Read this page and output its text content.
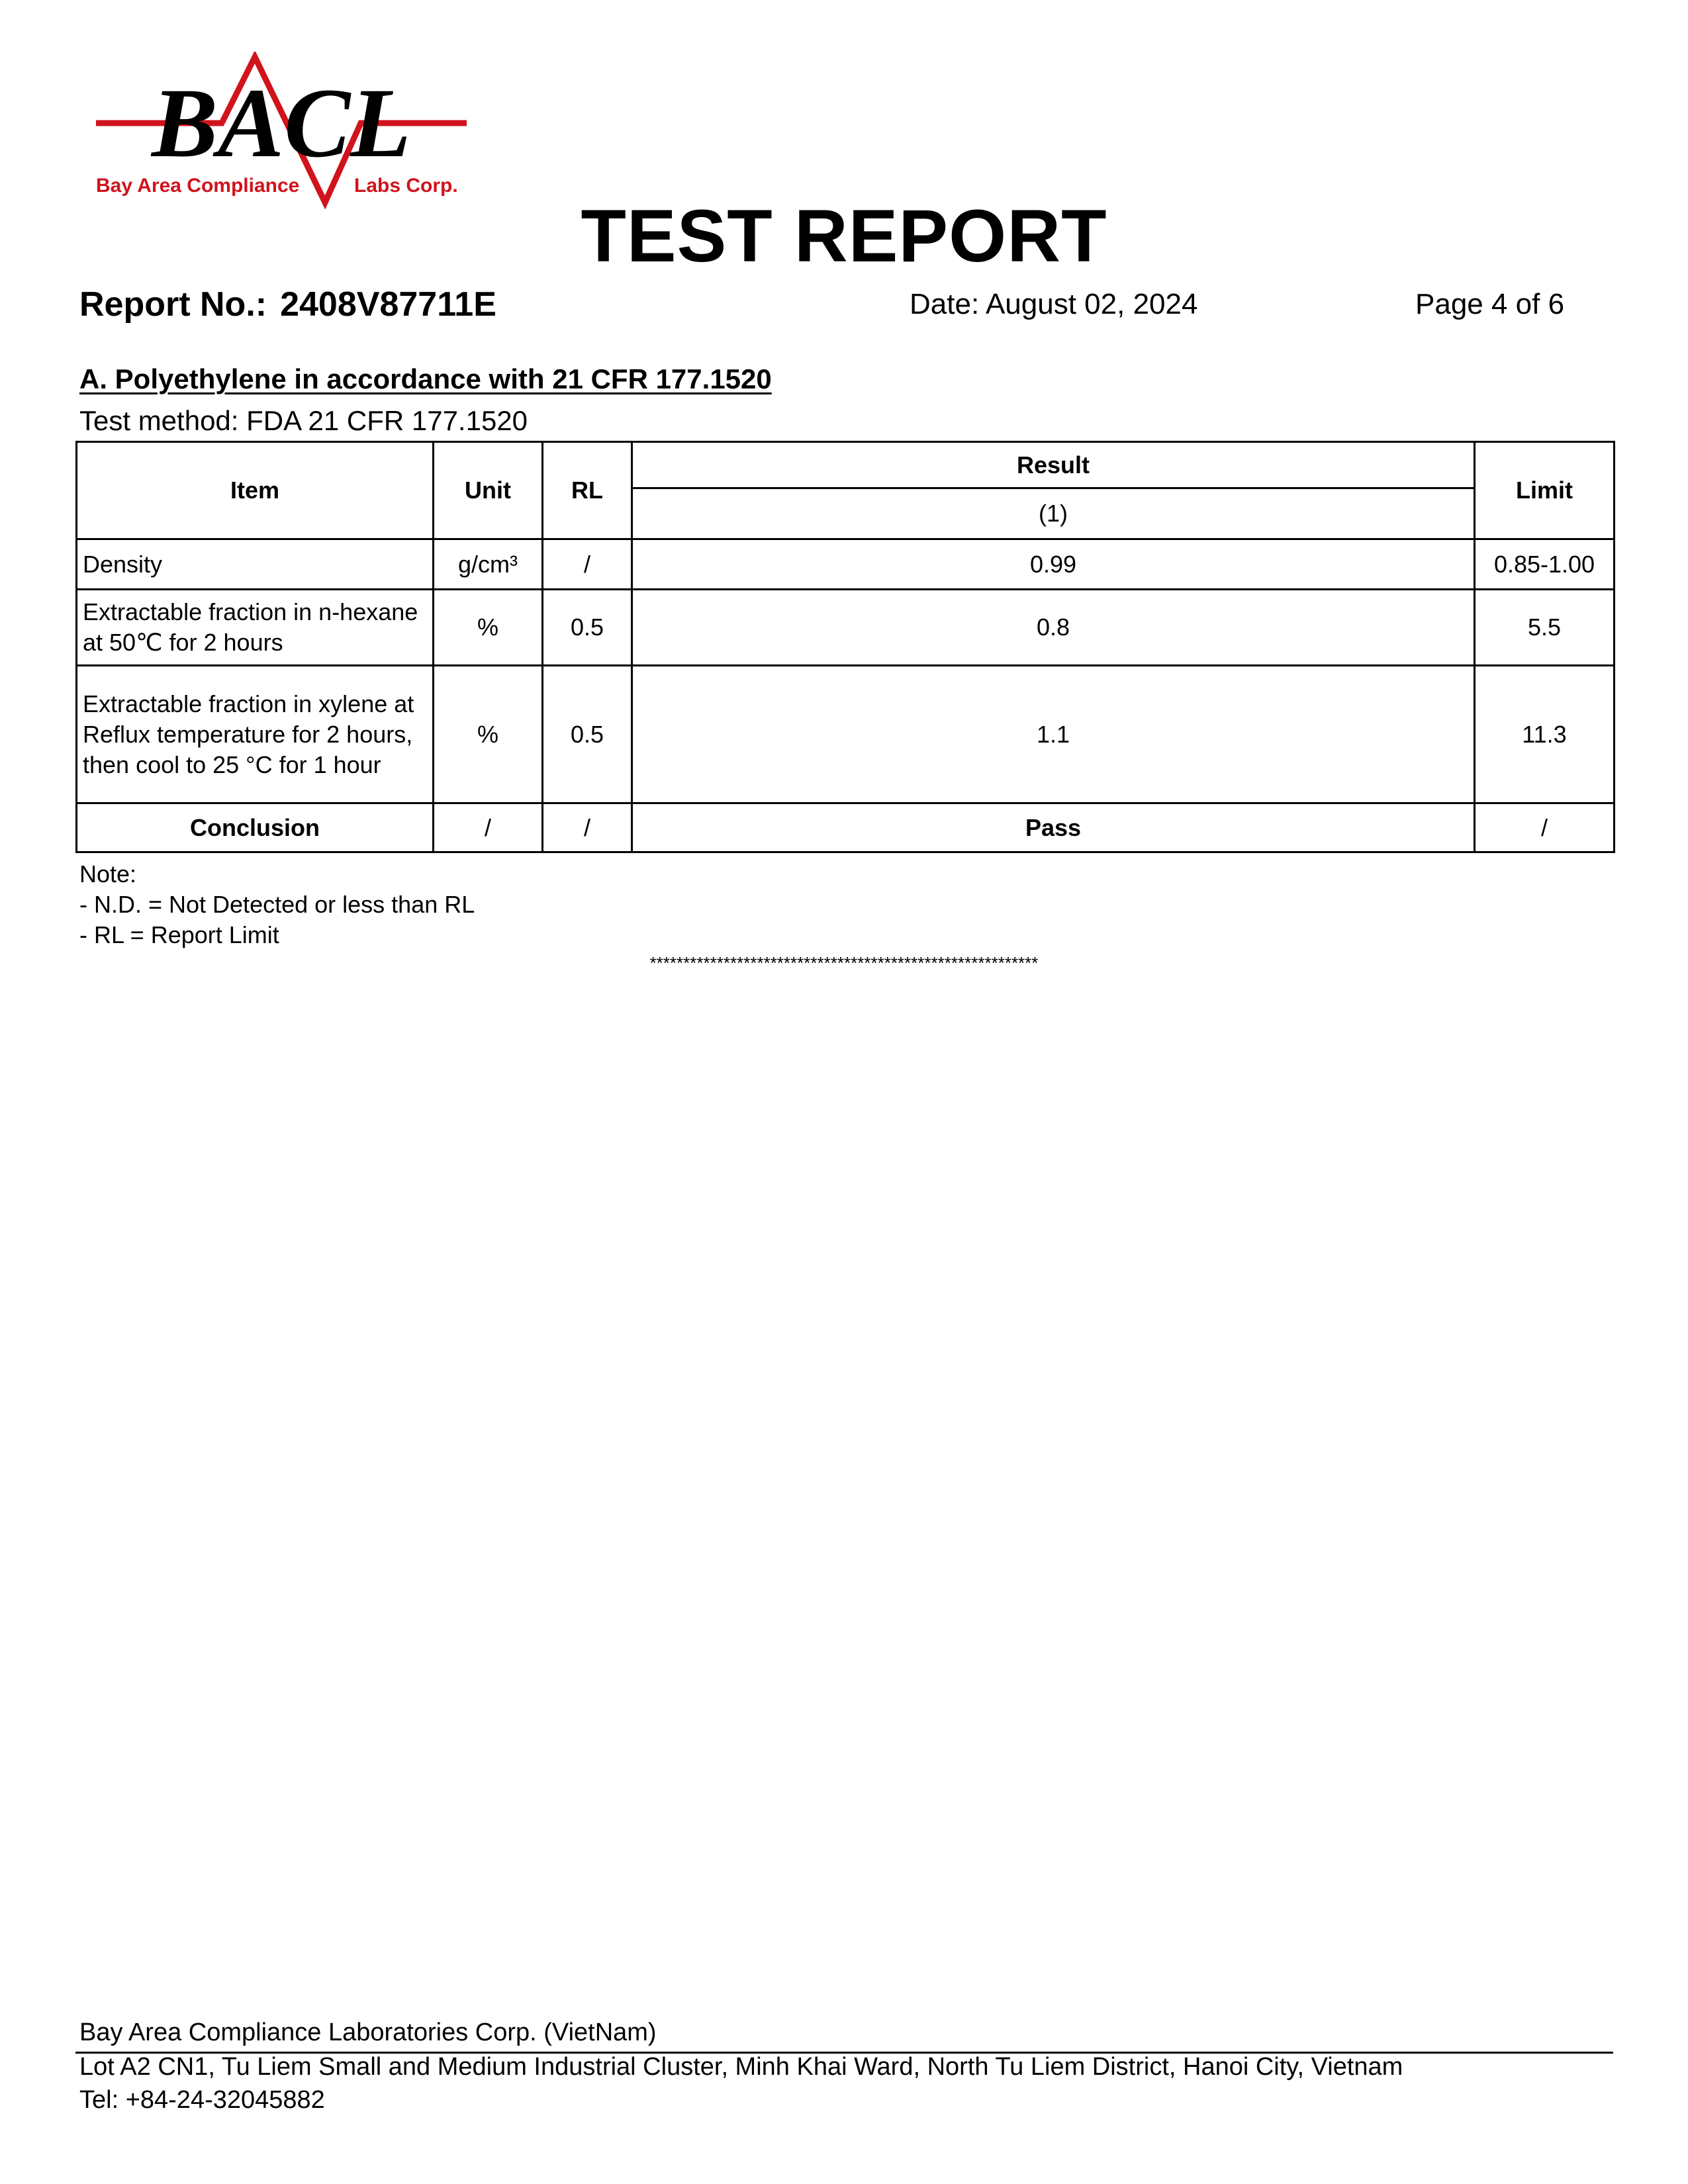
BACL
Bay Area Compliance	Labs Corp.
TEST REPORT
Report No.: 2408V87711E	Date: August 02, 2024	Page 4 of 6
A. Polyethylene in accordance with 21 CFR 177.1520
Test method: FDA 21 CFR 177.1520
Item	Unit	RL	Result	Limit
			(1)	
Density	g/cm³	/	0.99	0.85-1.00
Extractable fraction in n-hexane at 50℃ for 2 hours	%	0.5	0.8	5.5
Extractable fraction in xylene at Reflux temperature for 2 hours, then cool to 25 °C for 1 hour	%	0.5	1.1	11.3
Conclusion	/	/	Pass	/
Note:
- N.D. = Not Detected or less than RL
- RL = Report Limit
**********************************************************
Bay Area Compliance Laboratories Corp. (VietNam)
Lot A2 CN1, Tu Liem Small and Medium Industrial Cluster, Minh Khai Ward, North Tu Liem District, Hanoi City, Vietnam
Tel: +84-24-32045882
